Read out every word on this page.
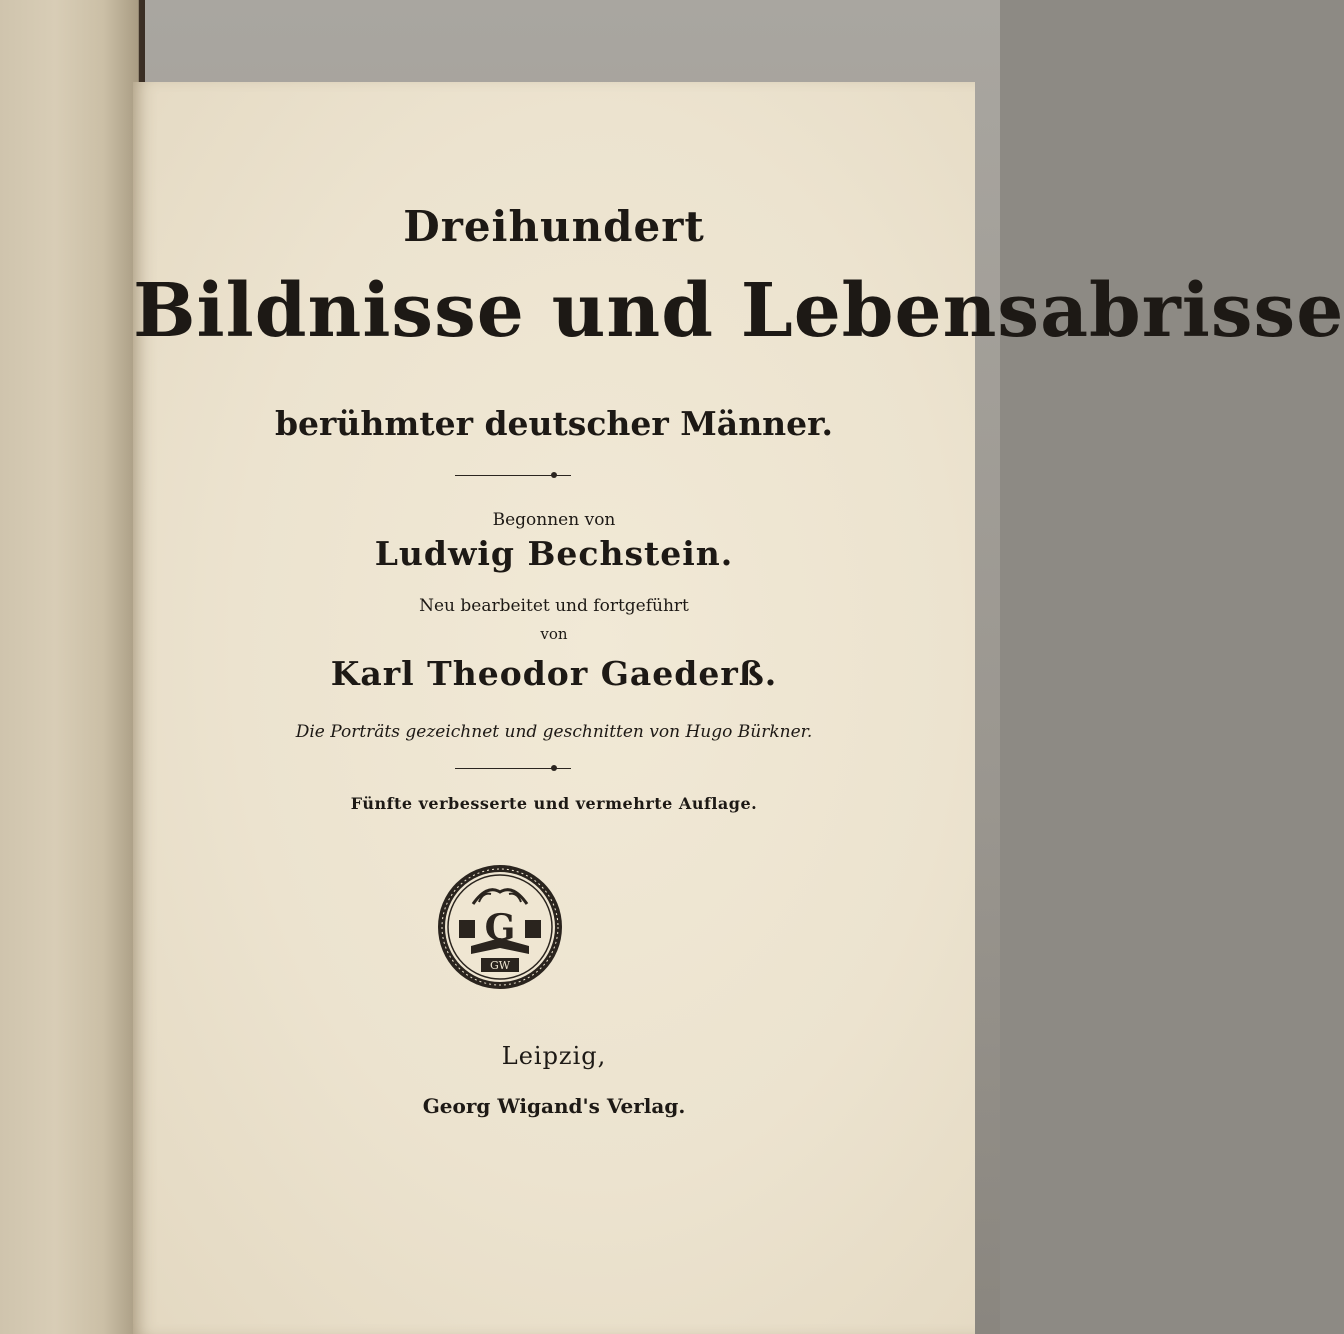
Dreihundert
Bildnisse und Lebensabrisse
berühmter deutscher Männer.
Begonnen von
Ludwig Bechstein.
Neu bearbeitet und fortgeführt
von
Karl Theodor Gaederß.
Die Porträts gezeichnet und geschnitten von Hugo Bürkner.
Fünfte verbesserte und vermehrte Auflage.
G
GW
Leipzig,
Georg Wigand's Verlag.
